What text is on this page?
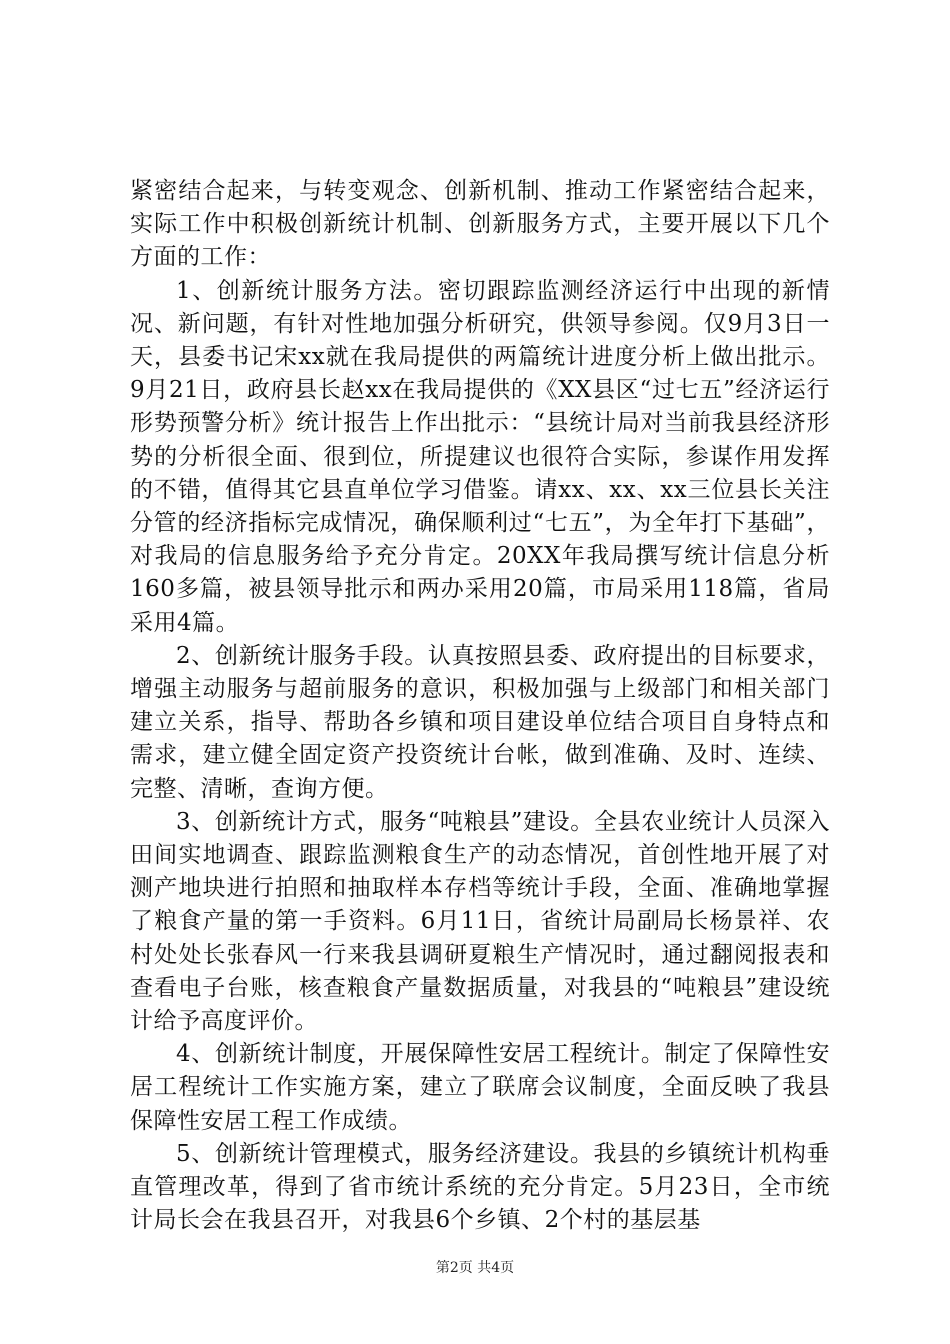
紧密结合起来，与转变观念、创新机制、推动工作紧密结合起来，实际工作中积极创新统计机制、创新服务方式，主要开展以下几个方面的工作：

1、创新统计服务方法。密切跟踪监测经济运行中出现的新情况、新问题，有针对性地加强分析研究，供领导参阅。仅9月3日一天，县委书记宋xx就在我局提供的两篇统计进度分析上做出批示。9月21日，政府县长赵xx在我局提供的《XX县区“过七五”经济运行形势预警分析》统计报告上作出批示：“县统计局对当前我县经济形势的分析很全面、很到位，所提建议也很符合实际，参谋作用发挥的不错，值得其它县直单位学习借鉴。请xx、xx、xx三位县长关注分管的经济指标完成情况，确保顺利过“七五”，为全年打下基础”，对我局的信息服务给予充分肯定。20XX年我局撰写统计信息分析160多篇，被县领导批示和两办采用20篇，市局采用118篇，省局采用4篇。

2、创新统计服务手段。认真按照县委、政府提出的目标要求，增强主动服务与超前服务的意识，积极加强与上级部门和相关部门建立关系，指导、帮助各乡镇和项目建设单位结合项目自身特点和需求，建立健全固定资产投资统计台帐，做到准确、及时、连续、完整、清晰，查询方便。

3、创新统计方式，服务“吨粮县”建设。全县农业统计人员深入田间实地调查、跟踪监测粮食生产的动态情况，首创性地开展了对测产地块进行拍照和抽取样本存档等统计手段，全面、准确地掌握了粮食产量的第一手资料。6月11日，省统计局副局长杨景祥、农村处处长张春风一行来我县调研夏粮生产情况时，通过翻阅报表和查看电子台账，核查粮食产量数据质量，对我县的“吨粮县”建设统计给予高度评价。

4、创新统计制度，开展保障性安居工程统计。制定了保障性安居工程统计工作实施方案，建立了联席会议制度，全面反映了我县保障性安居工程工作成绩。

5、创新统计管理模式，服务经济建设。我县的乡镇统计机构垂直管理改革，得到了省市统计系统的充分肯定。5月23日，全市统计局长会在我县召开，对我县6个乡镇、2个村的基层基

第2页 共4页
